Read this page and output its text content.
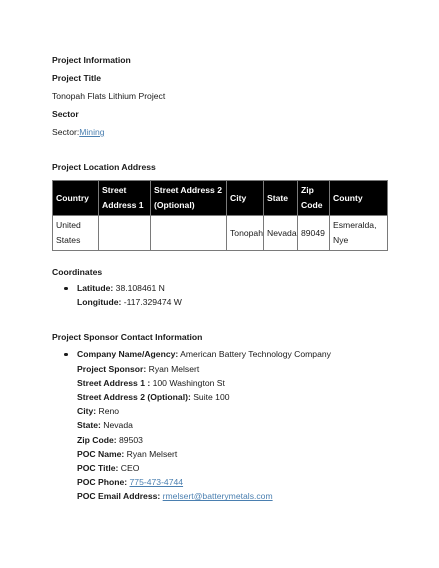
Project Information

Project Title

Tonopah Flats Lithium Project

Sector

Sector:Mining

Project Location Address

Country	Street Address 1	Street Address 2 (Optional)	City	State	Zip Code	County
United States			Tonopah	Nevada	89049	Esmeralda, Nye

Coordinates

Latitude: 38.108461 N
Longitude: -117.329474 W

Project Sponsor Contact Information

Company Name/Agency: American Battery Technology Company
Project Sponsor: Ryan Melsert
Street Address 1 : 100 Washington St
Street Address 2 (Optional): Suite 100
City: Reno
State: Nevada
Zip Code: 89503
POC Name: Ryan Melsert
POC Title: CEO
POC Phone: 775-473-4744
POC Email Address: rmelsert@batterymetals.com
